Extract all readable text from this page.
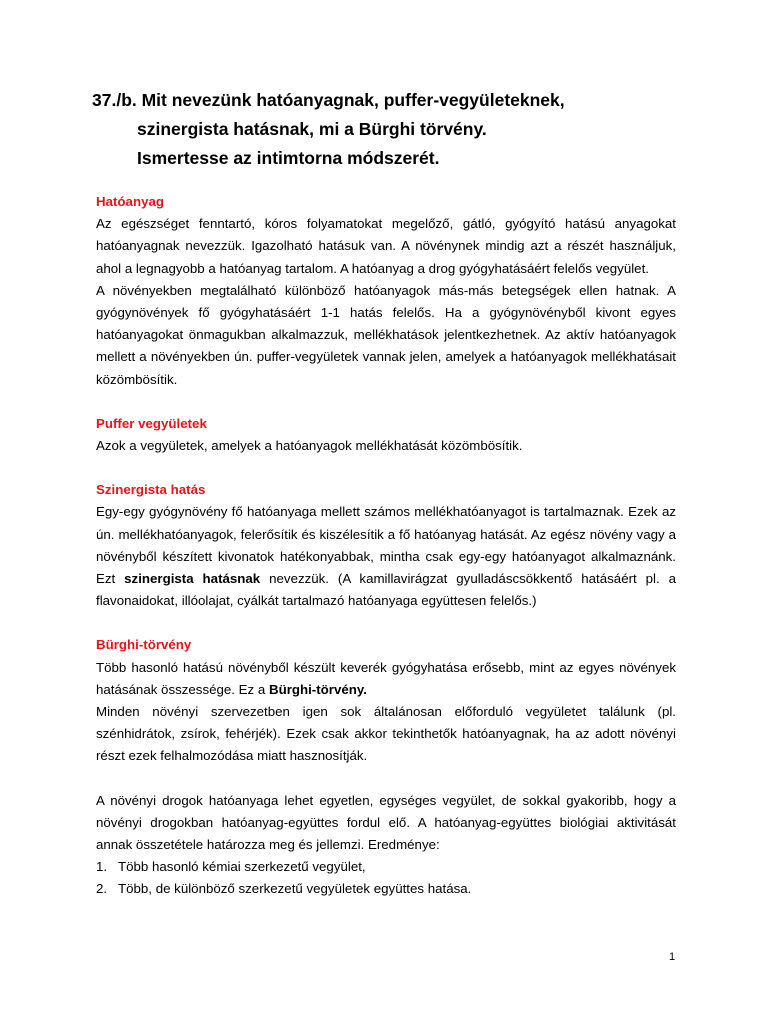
37./b. Mit nevezünk hatóanyagnak, puffer-vegyületeknek,
szinergista hatásnak, mi a Bürghi törvény.
Ismertesse az intimtorna módszerét.

Hatóanyag

Az egészséget fenntartó, kóros folyamatokat megelőző, gátló, gyógyító hatású anyagokat hatóanyagnak nevezzük. Igazolható hatásuk van. A növénynek mindig azt a részét használjuk, ahol a legnagyobb a hatóanyag tartalom. A hatóanyag a drog gyógyhatásáért felelős vegyület.

A növényekben megtalálható különböző hatóanyagok más-más betegségek ellen hatnak. A gyógynövények fő gyógyhatásáért 1-1 hatás felelős. Ha a gyógynövényből kivont egyes hatóanyagokat önmagukban alkalmazzuk, mellékhatások jelentkezhetnek. Az aktív hatóanyagok mellett a növényekben ún. puffer-vegyületek vannak jelen, amelyek a hatóanyagok mellékhatásait közömbösítik.

Puffer vegyületek

Azok a vegyületek, amelyek a hatóanyagok mellékhatását közömbösítik.

Szinergista hatás

Egy-egy gyógynövény fő hatóanyaga mellett számos mellékhatóanyagot is tartalmaznak. Ezek az ún. mellékhatóanyagok, felerősítik és kiszélesítik a fő hatóanyag hatását. Az egész növény vagy a növényből készített kivonatok hatékonyabbak, mintha csak egy-egy hatóanyagot alkalmaznánk. Ezt szinergista hatásnak nevezzük. (A kamillavirágzat gyulladáscsökkentő hatásáért pl. a flavonaidokat, illóolajat, cyálkát tartalmazó hatóanyaga együttesen felelős.)

Bürghi-törvény

Több hasonló hatású növényből készült keverék gyógyhatása erősebb, mint az egyes növények hatásának összessége. Ez a Bürghi-törvény.

Minden növényi szervezetben igen sok általánosan előforduló vegyületet találunk (pl. szénhidrátok, zsírok, fehérjék). Ezek csak akkor tekinthetők hatóanyagnak, ha az adott növényi részt ezek felhalmozódása miatt hasznosítják.

A növényi drogok hatóanyaga lehet egyetlen, egységes vegyület, de sokkal gyakoribb, hogy a növényi drogokban hatóanyag-együttes fordul elő. A hatóanyag-együttes biológiai aktivitását annak összetétele határozza meg és jellemzi. Eredménye:

1. Több hasonló kémiai szerkezetű vegyület,
2. Több, de különböző szerkezetű vegyületek együttes hatása.
1
